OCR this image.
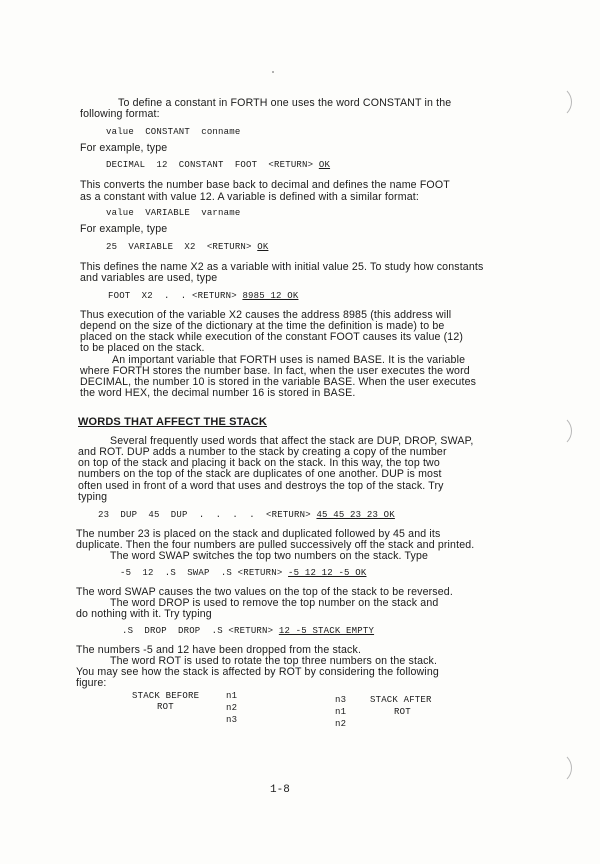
To define a constant in FORTH one uses the word CONSTANT in the
following format:
value  CONSTANT  conname
For example, type
DECIMAL  12  CONSTANT  FOOT  <RETURN> OK
This converts the number base back to decimal and defines the name FOOT
as a constant with value 12. A variable is defined with a similar format:
value  VARIABLE  varname
For example, type
25  VARIABLE  X2  <RETURN> OK
This defines the name X2 as a variable with initial value 25. To study how constants
and variables are used, type
FOOT  X2  .  . <RETURN> 8985 12 OK
Thus execution of the variable X2 causes the address 8985 (this address will
depend on the size of the dictionary at the time the definition is made) to be
placed on the stack while execution of the constant FOOT causes its value (12)
to be placed on the stack.
An important variable that FORTH uses is named BASE. It is the variable
where FORTH stores the number base. In fact, when the user executes the word
DECIMAL, the number 10 is stored in the variable BASE. When the user executes
the word HEX, the decimal number 16 is stored in BASE.
WORDS THAT AFFECT THE STACK
Several frequently used words that affect the stack are DUP, DROP, SWAP,
and ROT. DUP adds a number to the stack by creating a copy of the number
on top of the stack and placing it back on the stack. In this way, the top two
numbers on the top of the stack are duplicates of one another. DUP is most
often used in front of a word that uses and destroys the top of the stack. Try
typing
23  DUP  45  DUP  .  .  .  .  <RETURN> 45 45 23 23 OK
The number 23 is placed on the stack and duplicated followed by 45 and its
duplicate. Then the four numbers are pulled successively off the stack and printed.
The word SWAP switches the top two numbers on the stack. Type
-5  12  .S  SWAP  .S <RETURN> -5 12 12 -5 OK
The word SWAP causes the two values on the top of the stack to be reversed.
The word DROP is used to remove the top number on the stack and
do nothing with it. Try typing
.S  DROP  DROP  .S <RETURN> 12 -5 STACK EMPTY
The numbers -5 and 12 have been dropped from the stack.
The word ROT is used to rotate the top three numbers on the stack.
You may see how the stack is affected by ROT by considering the following
figure:
STACK BEFORE
ROT
n1
n2
n3
n3
n1
n2
STACK AFTER
ROT
1-8
